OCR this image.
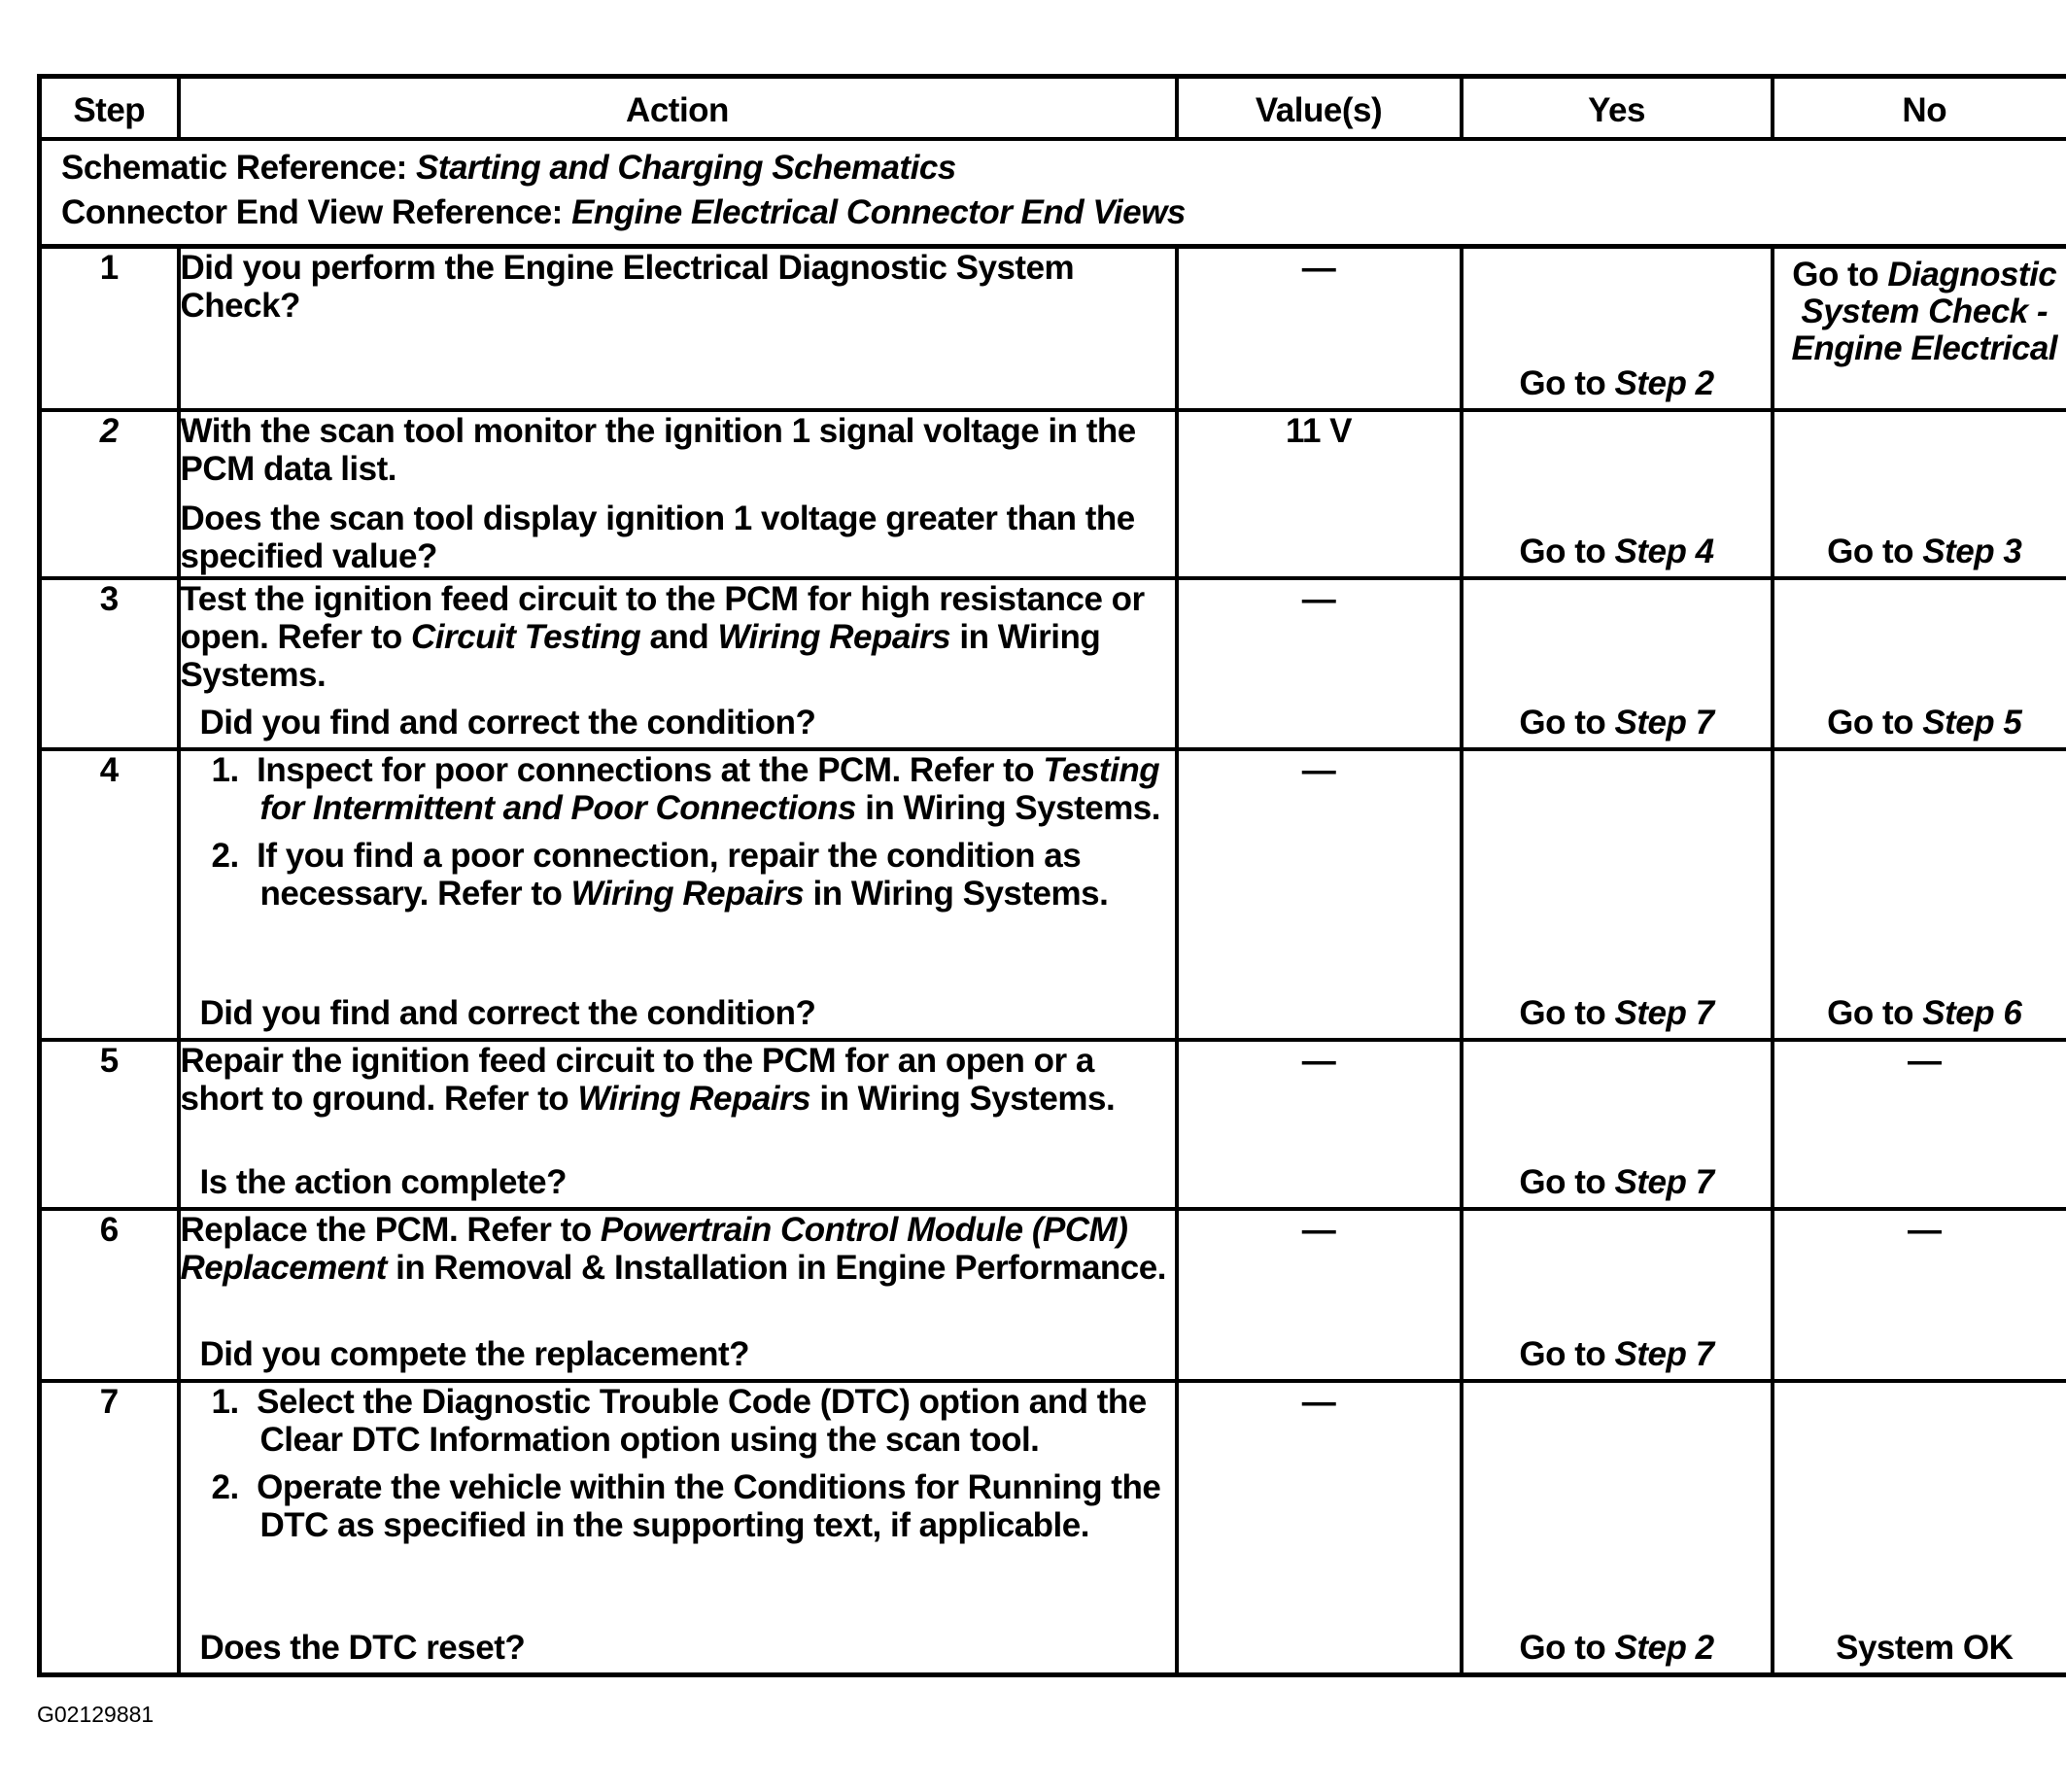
Step	Action	Value(s)	Yes	No

Schematic Reference: Starting and Charging Schematics
Connector End View Reference: Engine Electrical Connector End Views				

1	Did you perform the Engine Electrical Diagnostic System Check?	—	Go to Step 2	Go to Diagnostic System Check - Engine Electrical

2	With the scan tool monitor the ignition 1 signal voltage in the PCM data list.
Does the scan tool display ignition 1 voltage greater than the specified value?	11 V	Go to Step 4	Go to Step 3

3	Test the ignition feed circuit to the PCM for high resistance or open. Refer to Circuit Testing and Wiring Repairs in Wiring Systems.
Did you find and correct the condition?	—	Go to Step 7	Go to Step 5

4	1. Inspect for poor connections at the PCM. Refer to Testing for Intermittent and Poor Connections in Wiring Systems.
2. If you find a poor connection, repair the condition as necessary. Refer to Wiring Repairs in Wiring Systems.
Did you find and correct the condition?	—	Go to Step 7	Go to Step 6

5	Repair the ignition feed circuit to the PCM for an open or a short to ground. Refer to Wiring Repairs in Wiring Systems.
Is the action complete?	—	Go to Step 7	—
6	Replace the PCM. Refer to Powertrain Control Module (PCM) Replacement in Removal & Installation in Engine Performance.
Did you compete the replacement?	—	Go to Step 7	—
7	1. Select the Diagnostic Trouble Code (DTC) option and the Clear DTC Information option using the scan tool.
2. Operate the vehicle within the Conditions for Running the DTC as specified in the supporting text, if applicable.
Does the DTC reset?	—	Go to Step 2	System OK
G02129881
